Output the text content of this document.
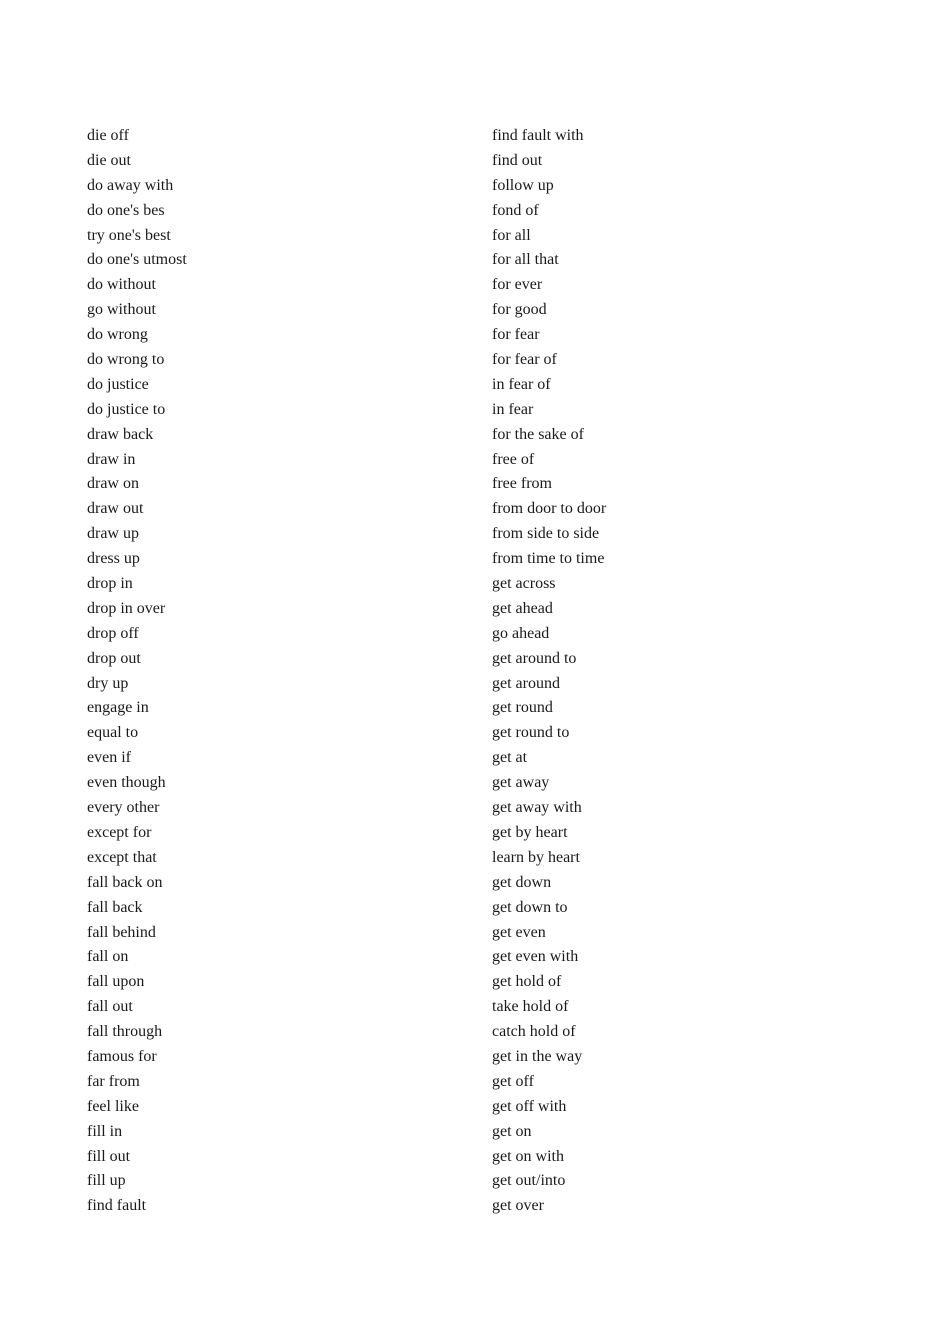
die off
die out
do away with
do one's bes
try one's best
do one's utmost
do without
go without
do wrong
do wrong to
do justice
do justice to
draw back
draw in
draw on
draw out
draw up
dress up
drop in
drop in over
drop off
drop out
dry up
engage in
equal to
even if
even though
every other
except for
except that
fall back on
fall back
fall behind
fall on
fall upon
fall out
fall through
famous for
far from
feel like
fill in
fill out
fill up
find fault
find fault with
find out
follow up
fond of
for all
for all that
for ever
for good
for fear
for fear of
in fear of
in fear
for the sake of
free of
free from
from door to door
from side to side
from time to time
get across
get ahead
go ahead
get around to
get around
get round
get round to
get at
get away
get away with
get by heart
learn by heart
get down
get down to
get even
get even with
get hold of
take hold of
catch hold of
get in the way
get off
get off with
get on
get on with
get out/into
get over
